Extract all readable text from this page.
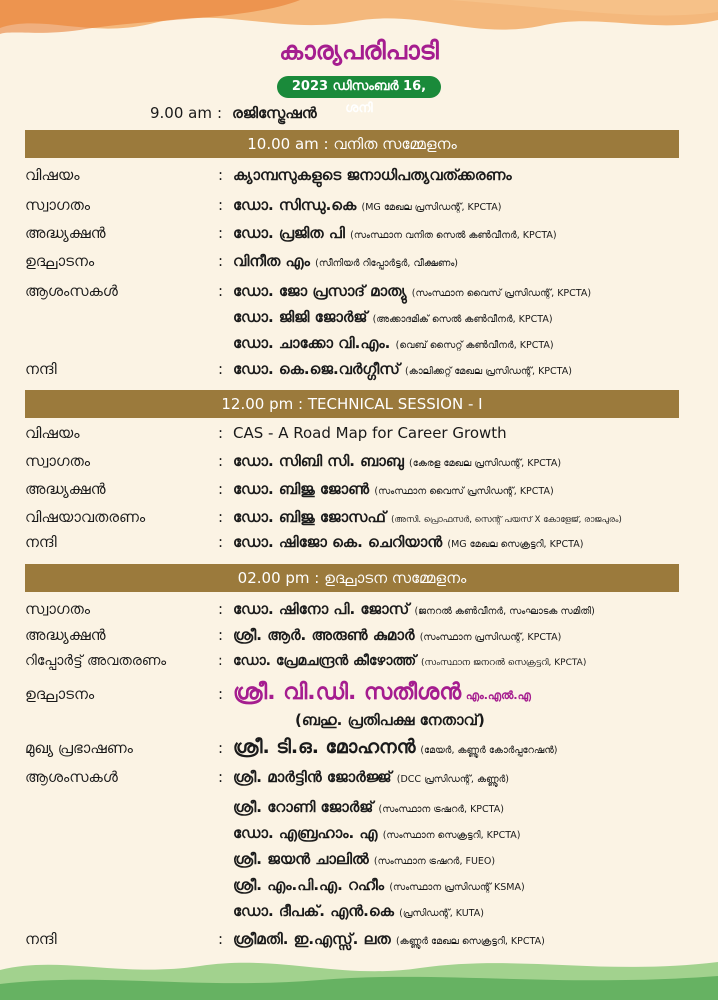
കാര്യപരിപാടി
2023 ഡിസംബർ 16, ശനി
9.00 am : രജിസ്ട്രേഷൻ
10.00 am : വനിത സമ്മേളനം
വിഷയം	: ക്യാമ്പസുകളുടെ ജനാധിപത്യവത്ക്കരണം
സ്വാഗതം	: ഡോ. സിന്ധു.കെ (MG മേഖല പ്രസിഡന്റ്, KPCTA)
അദ്ധ്യക്ഷൻ	: ഡോ. പ്രജിത പി (സംസ്ഥാന വനിത സെൽ കൺവീനർ, KPCTA)
ഉദ്ഘാടനം	: വിനീത എം (സീനിയർ റിപ്പോർട്ടർ, വീക്ഷണം)
ആശംസകൾ	: ഡോ. ജോ പ്രസാദ് മാത്യു (സംസ്ഥാന വൈസ് പ്രസിഡന്റ്, KPCTA)
ഡോ. ജിജി ജോർജ് (അക്കാദമിക് സെൽ കൺവീനർ, KPCTA)
ഡോ. ചാക്കോ വി.എം. (വെബ് സൈറ്റ് കൺവീനർ, KPCTA)
നന്ദി	: ഡോ. കെ.ജെ.വർഗ്ഗീസ് (കാലിക്കറ്റ് മേഖല പ്രസിഡന്റ്, KPCTA)
12.00 pm : TECHNICAL SESSION - I
വിഷയം	: CAS - A Road Map for Career Growth
സ്വാഗതം	: ഡോ. സിബി സി. ബാബു (കേരള മേഖല പ്രസിഡന്റ്, KPCTA)
അദ്ധ്യക്ഷൻ	: ഡോ. ബിജു ജോൺ (സംസ്ഥാന വൈസ് പ്രസിഡന്റ്, KPCTA)
വിഷയാവതരണം	: ഡോ. ബിജു ജോസഫ് (അസി. പ്രൊഫസർ, സെന്റ് പയസ് X കോളേജ്, രാജപുരം)
നന്ദി	: ഡോ. ഷിജോ കെ. ചെറിയാൻ (MG മേഖല സെക്രട്ടറി, KPCTA)
02.00 pm : ഉദ്ഘാടന സമ്മേളനം
സ്വാഗതം	: ഡോ. ഷിനോ പി. ജോസ് (ജനറൽ കൺവീനർ, സംഘാടക സമിതി)
അദ്ധ്യക്ഷൻ	: ശ്രീ. ആർ. അരുൺ കുമാർ (സംസ്ഥാന പ്രസിഡന്റ്, KPCTA)
റിപ്പോർട്ട് അവതരണം	: ഡോ. പ്രേമചന്ദ്രൻ കീഴോത്ത് (സംസ്ഥാന ജനറൽ സെക്രട്ടറി, KPCTA)
ഉദ്ഘാടനം	: ശ്രീ. വി.ഡി. സതീശൻ എം.എൽ.എ
(ബഹു. പ്രതിപക്ഷ നേതാവ്)
മുഖ്യ പ്രഭാഷണം	: ശ്രീ. ടി.ഒ. മോഹനൻ (മേയർ, കണ്ണൂർ കോർപ്പറേഷൻ)
ആശംസകൾ	: ശ്രീ. മാർട്ടിൻ ജോർജ്ജ് (DCC പ്രസിഡന്റ്, കണ്ണൂർ)
ശ്രീ. റോണി ജോർജ് (സംസ്ഥാന ട്രഷറർ, KPCTA)
ഡോ. എബ്രഹാം. എ (സംസ്ഥാന സെക്രട്ടറി, KPCTA)
ശ്രീ. ജയൻ ചാലിൽ (സംസ്ഥാന ട്രഷറർ, FUEO)
ശ്രീ. എം.പി.എ. റഹീം (സംസ്ഥാന പ്രസിഡന്റ് KSMA)
ഡോ. ദീപക്. എൻ.കെ (പ്രസിഡന്റ്, KUTA)
നന്ദി	: ശ്രീമതി. ഇ.എസ്സ്. ലത (കണ്ണൂർ മേഖല സെക്രട്ടറി, KPCTA)
